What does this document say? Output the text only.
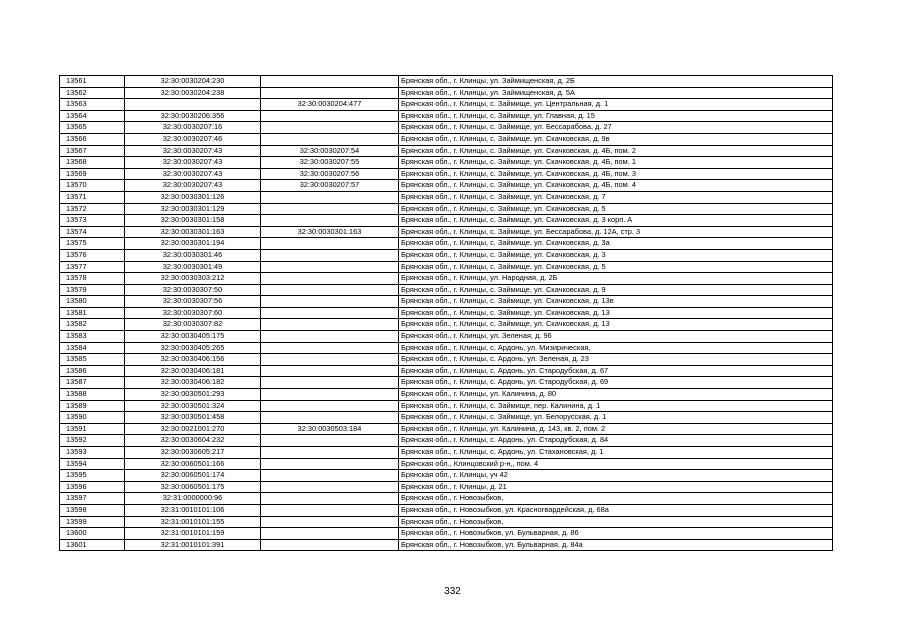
13561	32:30:0030204:230		Брянская обл., г. Клинцы, ул. Займищенская, д. 2Б
13562	32:30:0030204:238		Брянская обл., г. Клинцы, ул. Займищенская, д. 5А
13563		32:30:0030204:477	Брянская обл., г. Клинцы, с. Займище, ул. Центральная, д. 1
13564	32:30:0030206:356		Брянская обл., г. Клинцы, с. Займище, ул. Главная, д. 15
13565	32:30:0030207:16		Брянская обл., г. Клинцы, с. Займище, ул. Бессарабова, д. 27
13566	32:30:0030207:46		Брянская обл., г. Клинцы, с. Займище, ул. Скачковская, д. 9в
13567	32:30:0030207:43	32:30:0030207:54	Брянская обл., г. Клинцы, с. Займище, ул. Скачковская, д. 4Б, пом. 2
13568	32:30:0030207:43	32:30:0030207:55	Брянская обл., г. Клинцы, с. Займище, ул. Скачковская, д. 4Б, пом. 1
13569	32:30:0030207:43	32:30:0030207:56	Брянская обл., г. Клинцы, с. Займище, ул. Скачковская, д. 4Б, пом. 3
13570	32:30:0030207:43	32:30:0030207:57	Брянская обл., г. Клинцы, с. Займище, ул. Скачковская, д. 4Б, пом. 4
13571	32:30:0030301:126		Брянская обл., г. Клинцы, с. Займище, ул. Скачковская, д. 7
13572	32:30:0030301:129		Брянская обл., г. Клинцы, с. Займище, ул. Скачковская, д. 5
13573	32:30:0030301:158		Брянская обл., г. Клинцы, с. Займище, ул. Скачковская, д. 3 корп. А
13574	32:30:0030301:163	32:30:0030301:163	Брянская обл., г. Клинцы, с. Займище, ул. Бессарабова, д. 12А, стр. 3
13575	32:30:0030301:194		Брянская обл., г. Клинцы, с. Займище, ул. Скачковская, д. 3а
13576	32:30:0030301:46		Брянская обл., г. Клинцы, с. Займище, ул. Скачковская, д. 3
13577	32:30:0030301:49		Брянская обл., г. Клинцы, с. Займище, ул. Скачковская, д. 5
13578	32:30:0030303:212		Брянская обл., г. Клинцы, ул. Народная, д. 2Б
13579	32:30:0030307:50		Брянская обл., г. Клинцы, с. Займище, ул. Скачковская, д. 9
13580	32:30:0030307:56		Брянская обл., г. Клинцы, с. Займище, ул. Скачковская, д. 13в
13581	32:30:0030307:60		Брянская обл., г. Клинцы, с. Займище, ул. Скачковская, д. 13
13582	32:30:0030307:82		Брянская обл., г. Клинцы, с. Займище, ул. Скачковская, д. 13
13583	32:30:0030405:175		Брянская обл., г. Клинцы, ул. Зеленая, д. 96
13584	32:30:0030405:265		Брянская обл., г. Клинцы, с. Ардонь, ул. Мизирическая,
13585	32:30:0030406:156		Брянская обл., г. Клинцы, с. Ардонь, ул. Зеленая, д. 23
13586	32:30:0030406:181		Брянская обл., г. Клинцы, с. Ардонь, ул. Стародубская, д. 67
13587	32:30:0030406:182		Брянская обл., г. Клинцы, с. Ардонь, ул. Стародубская, д. 69
13588	32:30:0030501:293		Брянская обл., г. Клинцы, ул. Калинина, д. 80
13589	32:30:0030501:324		Брянская обл., г. Клинцы, с. Займище, пер. Калинина, д. 1
13590	32:30:0030501:458		Брянская обл., г. Клинцы, с. Займище, ул. Белорусская, д. 1
13591	32:30:0021001:270	32:30:0030503:184	Брянская обл., г. Клинцы, ул. Калинина, д. 143, кв. 2, пом. 2
13592	32:30:0030604:232		Брянская обл., г. Клинцы, с. Ардонь, ул. Стародубская, д. 84
13593	32:30:0030605:217		Брянская обл., г. Клинцы, с. Ардонь, ул. Стахановская, д. 1
13594	32:30:0060501:166		Брянская обл., Клинцовский р-н,, пом. 4
13595	32:30:0060501:174		Брянская обл., г. Клинцы, уч 42
13596	32:30:0060501:175		Брянская обл., г. Клинцы, д. 21
13597	32:31:0000000:96		Брянская обл., г. Новозыбков,
13598	32:31:0010101:106		Брянская обл., г. Новозыбков, ул. Красногвардейская, д. 68а
13599	32:31:0010101:155		Брянская обл., г. Новозыбков,
13600	32:31:0010101:159		Брянская обл., г. Новозыбков, ул. Бульварная, д. 86
13601	32:31:0010101:391		Брянская обл., г. Новозыбков, ул. Бульварная, д. 84а
332
